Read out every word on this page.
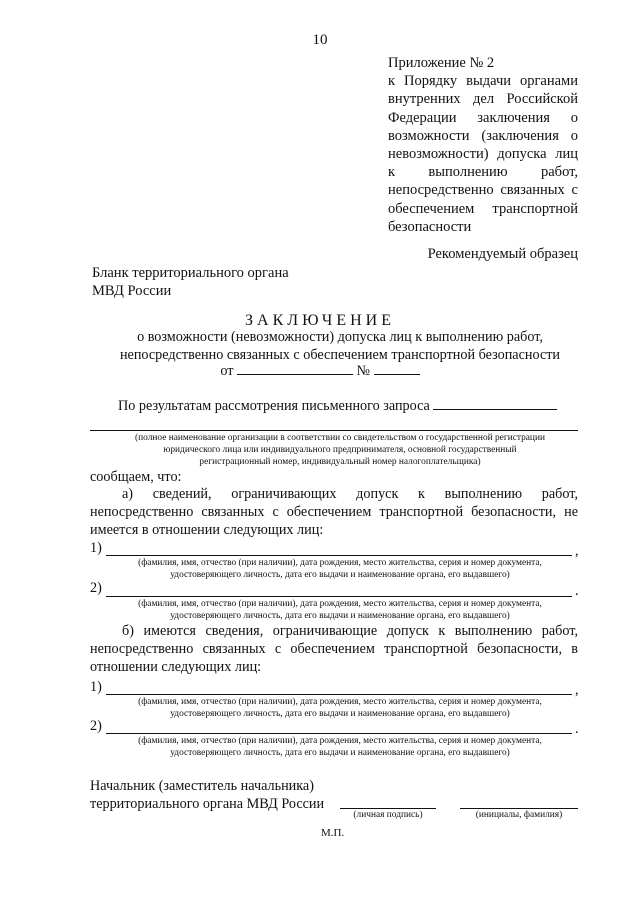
10
Приложение № 2
к Порядку выдачи органами внутренних дел Российской Федерации заключения о возможности (заключения о невозможности) допуска лиц к выполнению работ, непосредственно связанных с обеспечением транспортной безопасности
Рекомендуемый образец
Бланк территориального органа
МВД России
ЗАКЛЮЧЕНИЕ
о возможности (невозможности) допуска лиц к выполнению работ,
непосредственно связанных с обеспечением транспортной безопасности
от	№
По результатам рассмотрения письменного запроса
(полное наименование организации в соответствии со свидетельством о государственной регистрации
юридического лица или индивидуального предпринимателя, основной государственный
регистрационный номер, индивидуальный номер налогоплательщика)
сообщаем, что:
а) сведений, ограничивающих допуск к выполнению работ, непосредственно связанных с обеспечением транспортной безопасности, не имеется в отношении следующих лиц:
1)	,
(фамилия, имя, отчество (при наличии), дата рождения, место жительства, серия и номер документа,
удостоверяющего личность, дата его выдачи и наименование органа, его выдавшего)
2)	.
(фамилия, имя, отчество (при наличии), дата рождения, место жительства, серия и номер документа,
удостоверяющего личность, дата его выдачи и наименование органа, его выдавшего)
б) имеются сведения, ограничивающие допуск к выполнению работ, непосредственно связанных с обеспечением транспортной безопасности, в отношении следующих лиц:
1)	,
(фамилия, имя, отчество (при наличии), дата рождения, место жительства, серия и номер документа,
удостоверяющего личность, дата его выдачи и наименование органа, его выдавшего)
2)	.
(фамилия, имя, отчество (при наличии), дата рождения, место жительства, серия и номер документа,
удостоверяющего личность, дата его выдачи и наименование органа, его выдавшего)
Начальник (заместитель начальника)
территориального органа МВД России
(личная подпись)	(инициалы, фамилия)
М.П.
